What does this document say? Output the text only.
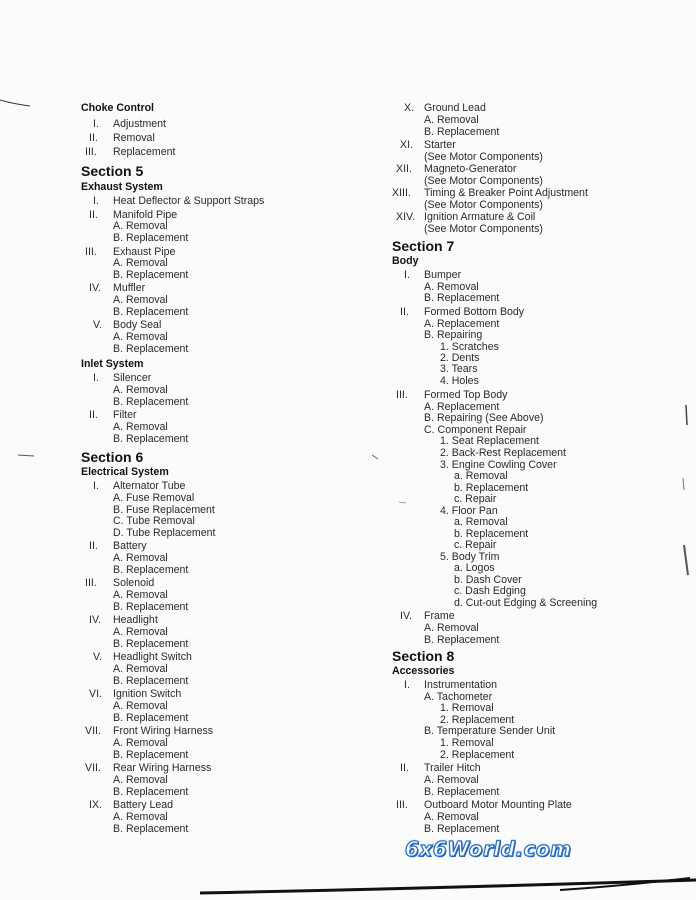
Choke Control
I. Adjustment
II. Removal
III. Replacement
Section 5
Exhaust System
I. Heat Deflector & Support Straps
II. Manifold Pipe
A. Removal
B. Replacement
III. Exhaust Pipe
A. Removal
B. Replacement
IV. Muffler
A. Removal
B. Replacement
V. Body Seal
A. Removal
B. Replacement
Inlet System
I. Silencer
A. Removal
B. Replacement
II. Filter
A. Removal
B. Replacement
Section 6
Electrical System
I. Alternator Tube
A. Fuse Removal
B. Fuse Replacement
C. Tube Removal
D. Tube Replacement
II. Battery
A. Removal
B. Replacement
III. Solenoid
A. Removal
B. Replacement
IV. Headlight
A. Removal
B. Replacement
V. Headlight Switch
A. Removal
B. Replacement
VI. Ignition Switch
A. Removal
B. Replacement
VII. Front Wiring Harness
A. Removal
B. Replacement
VII. Rear Wiring Harness
A. Removal
B. Replacement
IX. Battery Lead
A. Removal
B. Replacement
X. Ground Lead
A. Removal
B. Replacement
XI. Starter
(See Motor Components)
XII. Magneto-Generator
(See Motor Components)
XIII. Timing & Breaker Point Adjustment
(See Motor Components)
XIV. Ignition Armature & Coil
(See Motor Components)
Section 7
Body
I. Bumper
A. Removal
B. Replacement
II. Formed Bottom Body
A. Replacement
B. Repairing
1. Scratches
2. Dents
3. Tears
4. Holes
III. Formed Top Body
A. Replacement
B. Repairing (See Above)
C. Component Repair
1. Seat Replacement
2. Back-Rest Replacement
3. Engine Cowling Cover
a. Removal
b. Replacement
c. Repair
4. Floor Pan
a. Removal
b. Replacement
c. Repair
5. Body Trim
a. Logos
b. Dash Cover
c. Dash Edging
d. Cut-out Edging & Screening
IV. Frame
A. Removal
B. Replacement
Section 8
Accessories
I. Instrumentation
A. Tachometer
1. Removal
2. Replacement
B. Temperature Sender Unit
1. Removal
2. Replacement
II. Trailer Hitch
A. Removal
B. Replacement
III. Outboard Motor Mounting Plate
A. Removal
B. Replacement
6x6World.com
